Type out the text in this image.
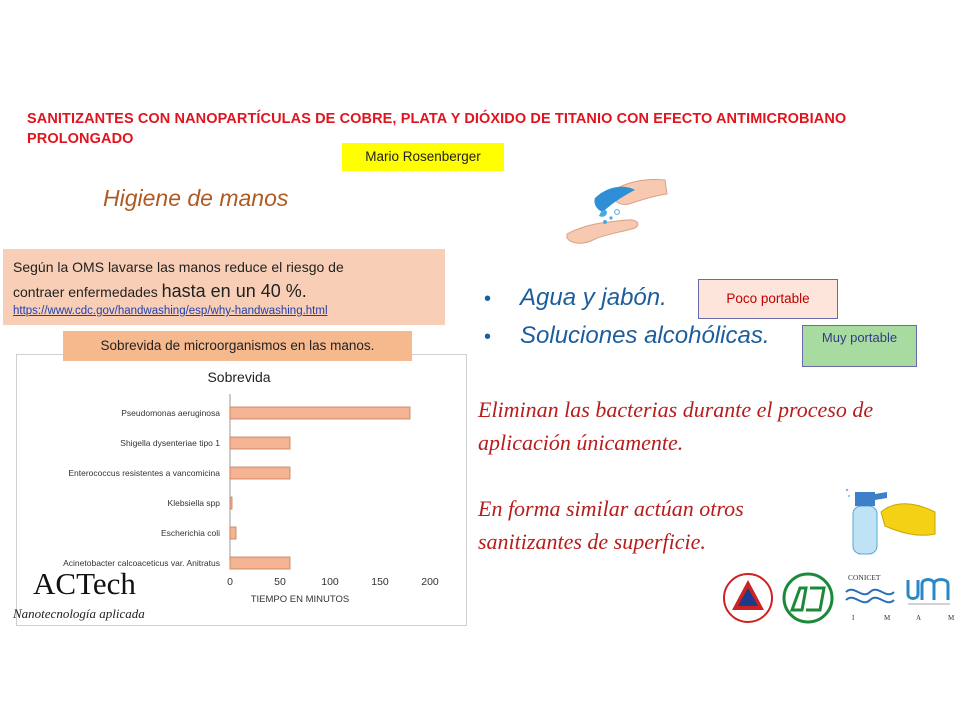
SANITIZANTES CON NANOPARTÍCULAS DE COBRE, PLATA Y DIÓXIDO DE TITANIO CON EFECTO ANTIMICROBIANO PROLONGADO
Mario Rosenberger
Higiene de manos
Según la OMS lavarse las manos reduce el riesgo de
contraer enfermedades hasta en un 40 %.
https://www.cdc.gov/handwashing/esp/why-handwashing.html
Sobrevida de microorganismos en las manos.
Sobrevida
Pseudomonas aeruginosa
Shigella dysenteriae tipo 1
Enterococcus resistentes a vancomicina
Klebsiella spp
Escherichia coli
Acinetobacter calcoaceticus var. Anitratus
0	50	100	150	200
TIEMPO EN MINUTOS
ACTech
Nanotecnología aplicada
• Agua y jabón.
• Soluciones alcohólicas.
Poco portable
Muy portable
Eliminan las bacterias durante el proceso de aplicación únicamente.
En forma similar actúan otros sanitizantes de superficie.
CONICET
I	M	A	M
